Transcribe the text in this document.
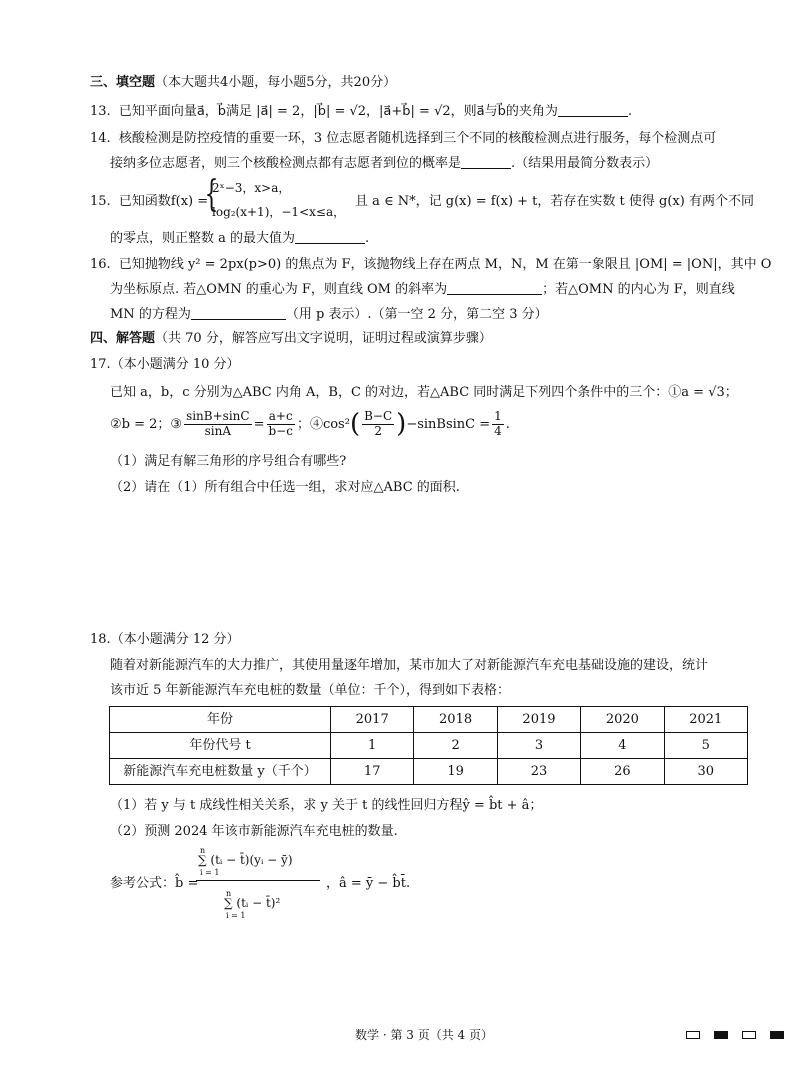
三、填空题（本大题共4小题，每小题5分，共20分）
13. 已知平面向量a⃗，b⃗满足 |a⃗| = 2，|b⃗| = √2，|a⃗+b⃗| = √2，则a⃗与b⃗的夹角为	.
14. 核酸检测是防控疫情的重要一环，3 位志愿者随机选择到三个不同的核酸检测点进行服务，每个检测点可
接纳多位志愿者，则三个核酸检测点都有志愿者到位的概率是	.（结果用最简分数表示）
15. 已知函数f(x) =
{
2ˣ−3，x>a，
log₂(x+1)，−1<x≤a，
且 a ∈ N*，记 g(x) = f(x) + t，若存在实数 t 使得 g(x) 有两个不同
的零点，则正整数 a 的最大值为	.
16. 已知抛物线 y² = 2px(p>0) 的焦点为 F，该抛物线上存在两点 M，N，M 在第一象限且 |OM| = |ON|，其中 O
为坐标原点. 若△OMN 的重心为 F，则直线 OM 的斜率为	；若△OMN 的内心为 F，则直线
MN 的方程为	（用 p 表示）.（第一空 2 分，第二空 3 分）
四、解答题（共 70 分，解答应写出文字说明，证明过程或演算步骤）
17.（本小题满分 10 分）
已知 a，b，c 分别为△ABC 内角 A，B，C 的对边，若△ABC 同时满足下列四个条件中的三个：①a = √3；
②b = 2；③ $\frac{\sin B+\sin C}{\sin A} = \frac{a+c}{b-c}$ ；④cos² ( $\frac{B-C}{2}$ ) −sinBsinC = $\frac{1}{4}$ .
（1）满足有解三角形的序号组合有哪些?
（2）请在（1）所有组合中任选一组，求对应△ABC 的面积.
18.（本小题满分 12 分）
随着对新能源汽车的大力推广，其使用量逐年增加，某市加大了对新能源汽车充电基础设施的建设，统计
该市近 5 年新能源汽车充电桩的数量（单位：千个），得到如下表格：
年份	2017	2018	2019	2020	2021
年份代号 t	1	2	3	4	5
新能源汽车充电桩数量 y（千个）	17	19	23	26	30
（1）若 y 与 t 成线性相关关系，求 y 关于 t 的线性回归方程ŷ = b̂t + â；
（2）预测 2024 年该市新能源汽车充电桩的数量.
参考公式：b̂ =
n
i = 1
∑ (tᵢ − t̄)(yᵢ − ȳ)
n
i = 1
∑ (tᵢ − t̄)²
，â = ȳ − b̂t̄.
数学 · 第 3 页（共 4 页）
